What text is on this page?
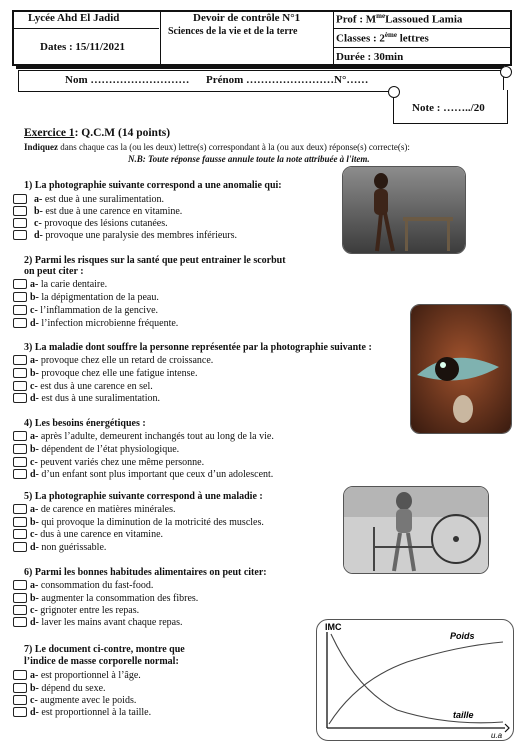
Lycée Ahd El Jadid
Dates : 15/11/2021
Devoir de contrôle N°1
Sciences de la vie et de la terre
Prof : $M^{me}Lassoued$ Lamia
Classes : 2ème lettres
Durée : 30min
Nom ……………………… Prénom ……………………N°……
Note : ……../20
Exercice 1: Q.C.M (14 points)
Indiquez dans chaque cas la (ou les deux) lettre(s) correspondant à la (ou aux deux) réponse(s) correcte(s):
N.B: Toute réponse fausse annule toute la note attribuée à l'item.
1) La photographie suivante correspond a une anomalie qui:
a- est due à une suralimentation.
b- est due à une carence en vitamine.
c- provoque des lésions cutanées.
d- provoque une paralysie des membres inférieurs.
2) Parmi les risques sur la santé que peut entrainer le scorbut
on peut citer :
a- la carie dentaire.
b- la dépigmentation de la peau.
c- l’inflammation de la gencive.
d- l’infection microbienne fréquente.
3) La maladie dont souffre la personne représentée par la photographie suivante :
a- provoque chez elle un retard de croissance.
b- provoque chez elle une fatigue intense.
c- est dus à une carence en sel.
d- est dus à une suralimentation.
4) Les besoins énergétiques :
a- après l’adulte, demeurent inchangés tout au long de la vie.
b- dépendent de l’état physiologique.
c- peuvent variés chez une même personne.
d- d’un enfant sont plus important que ceux d’un adolescent.
5) La photographie suivante correspond à une maladie :
a- de carence en matières minérales.
b- qui provoque la diminution de la motricité des muscles.
c- dus à une carence en vitamine.
d- non guérissable.
6) Parmi les bonnes habitudes alimentaires on peut citer:
a- consommation du fast-food.
b- augmenter la consommation des fibres.
c- grignoter entre les repas.
d- laver les mains avant chaque repas.
7) Le document ci-contre, montre que
l’indice de masse corporelle normal:
a- est proportionnel à l’âge.
b- dépend du sexe.
c- augmente avec le poids.
d- est proportionnel à la taille.
IMC
Poids
taille
u.a
